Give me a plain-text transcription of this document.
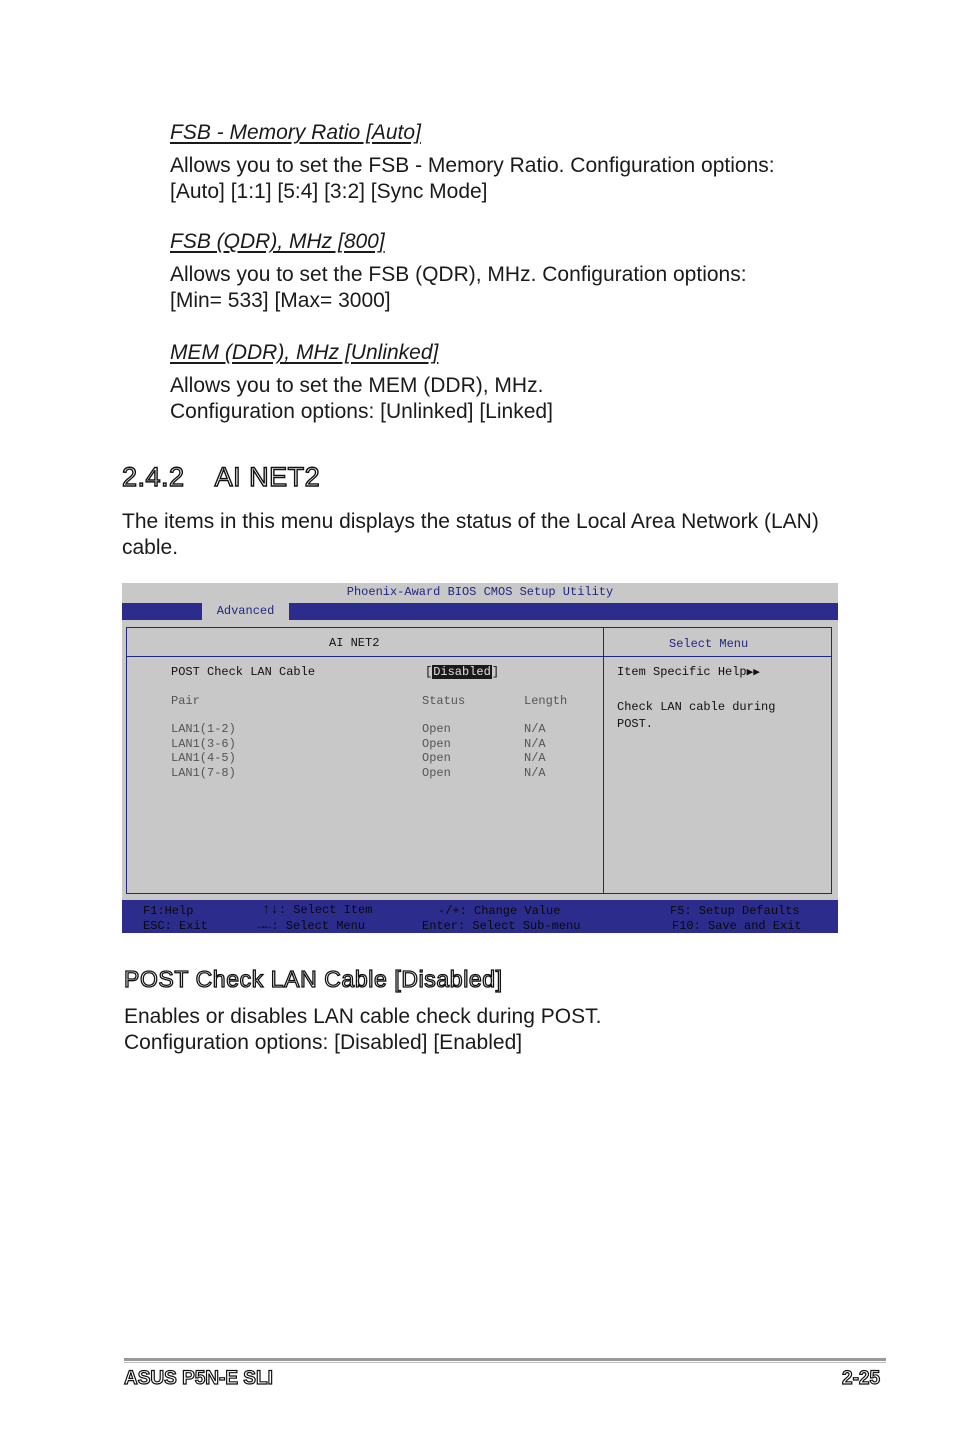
FSB - Memory Ratio [Auto]
Allows you to set the FSB - Memory Ratio. Configuration options:
[Auto] [1:1] [5:4] [3:2] [Sync Mode]
FSB (QDR), MHz [800]
Allows you to set the FSB (QDR), MHz. Configuration options:
[Min= 533] [Max= 3000]
MEM (DDR), MHz [Unlinked]
Allows you to set the MEM (DDR), MHz.
Configuration options: [Unlinked] [Linked]
2.4.2 AI NET2
The items in this menu displays the status of the Local Area Network (LAN) cable.
Phoenix-Award BIOS CMOS Setup Utility
Advanced
AI NET2	Select Menu
POST Check LAN Cable	[Disabled]
Pair	Status	Length
LAN1(1-2)	Open	N/A
LAN1(3-6)	Open	N/A
LAN1(4-5)	Open	N/A
LAN1(7-8)	Open	N/A
Item Specific Help▶▶
Check LAN cable during
POST.
F1:Help
ESC: Exit
↑↓: Select Item
→←: Select Menu
-/+: Change Value
Enter: Select Sub-menu
F5: Setup Defaults
F10: Save and Exit
POST Check LAN Cable [Disabled]
Enables or disables LAN cable check during POST.
Configuration options: [Disabled] [Enabled]
ASUS P5N-E SLI	2-25
